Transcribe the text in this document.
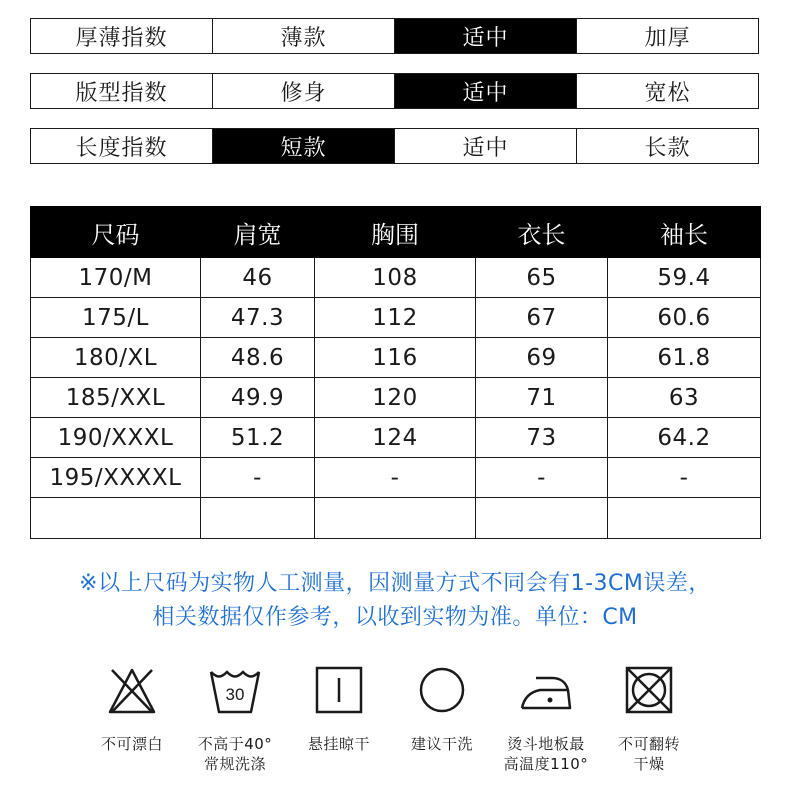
厚薄指数	薄款	适中	加厚
版型指数	修身	适中	宽松
长度指数	短款	适中	长款
尺码	肩宽	胸围	衣长	袖长
170/M	46	108	65	59.4
175/L	47.3	112	67	60.6
180/XL	48.6	116	69	61.8
185/XXL	49.9	120	71	63
190/XXXL	51.2	124	73	64.2
195/XXXXL	-	-	-	-

※以上尺码为实物人工测量，因测量方式不同会有1-3CM误差，
相关数据仅作参考，以收到实物为准。单位：CM
不可漂白
30
不高于40°
常规洗涤
悬挂晾干	建议干洗 烫斗地板最
高温度110°
不可翻转
干燥
